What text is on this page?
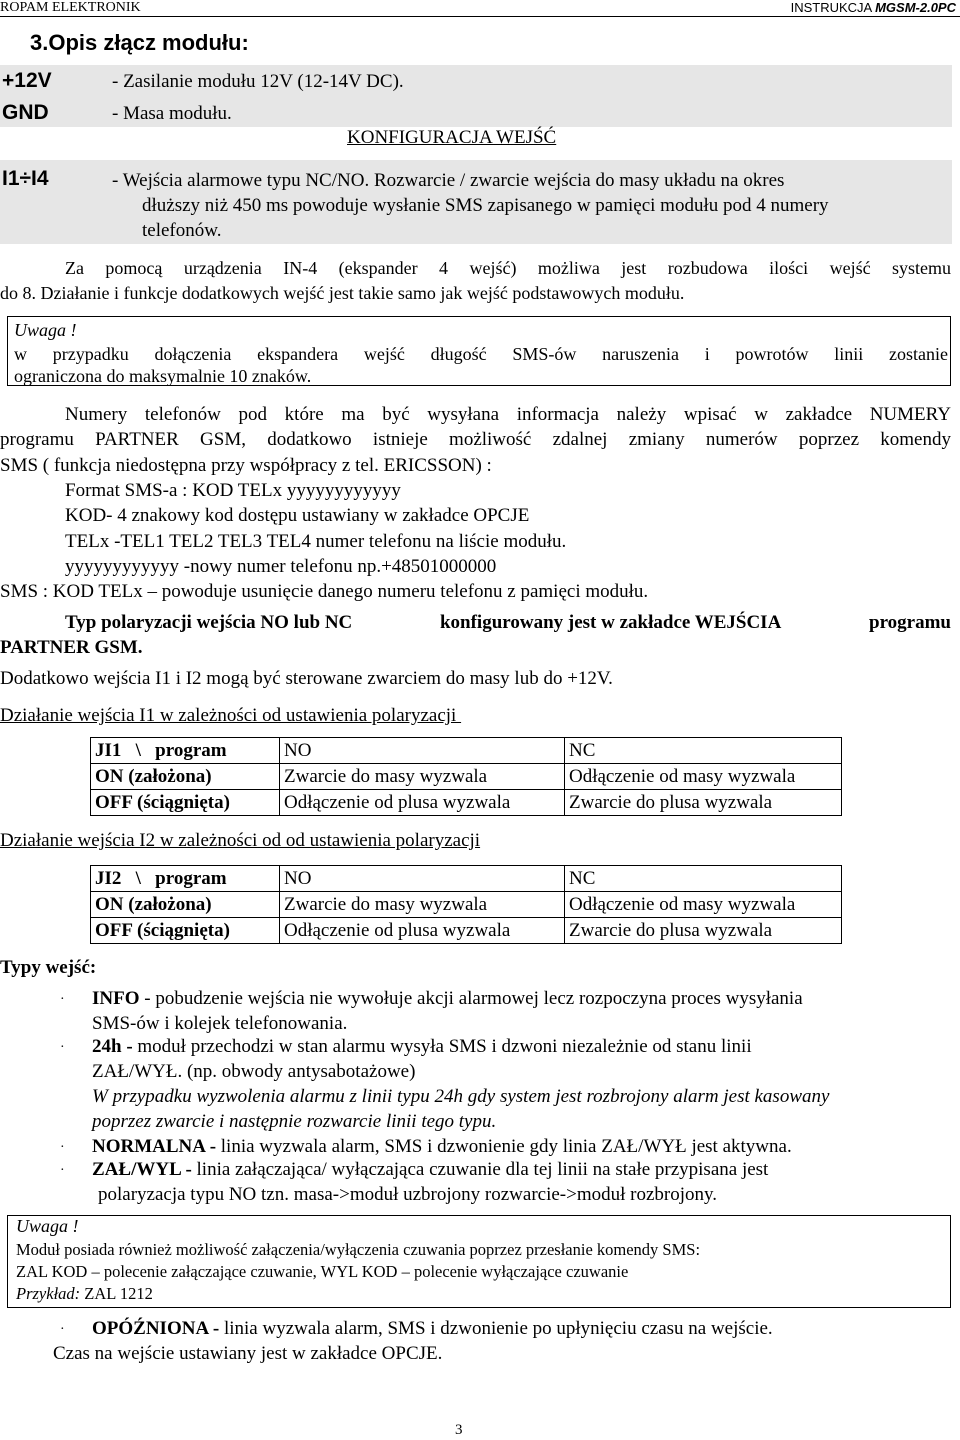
ROPAM ELEKTRONIK	INSTRUKCJA MGSM-2.0PC
3.Opis złącz modułu:
+12V	- Zasilanie modułu 12V (12-14V DC).
GND	- Masa modułu.
KONFIGURACJA WEJŚĆ
I1÷I4	- Wejścia alarmowe typu NC/NO. Rozwarcie / zwarcie wejścia do masy układu na okres
dłuższy niż 450 ms powoduje wysłanie SMS zapisanego w pamięci modułu pod 4 numery
telefonów.
Za pomocą urządzenia IN-4 (ekspander 4 wejść) możliwa jest rozbudowa ilości wejść systemu
do 8. Działanie i funkcje dodatkowych wejść jest takie samo jak wejść podstawowych modułu.
Uwaga !
w przypadku dołączenia ekspandera wejść długość SMS-ów naruszenia i powrotów linii zostanie
ograniczona do maksymalnie 10 znaków.
Numery telefonów pod które ma być wysyłana informacja należy wpisać w zakładce NUMERY
programu PARTNER GSM, dodatkowo istnieje możliwość zdalnej zmiany numerów poprzez komendy
SMS ( funkcja niedostępna przy współpracy z tel. ERICSSON) :
Format SMS-a : KOD TELx yyyyyyyyyyyy
KOD- 4 znakowy kod dostępu ustawiany w zakładce OPCJE
TELx -TEL1 TEL2 TEL3 TEL4 numer telefonu na liście modułu.
yyyyyyyyyyyy -nowy numer telefonu np.+48501000000
SMS : KOD TELx – powoduje usunięcie danego numeru telefonu z pamięci modułu.
Typ polaryzacji wejścia NO lub NC	konfigurowany jest w zakładce WEJŚCIA	programu
PARTNER GSM.
Dodatkowo wejścia I1 i I2 mogą być sterowane zwarciem do masy lub do +12V.
Działanie wejścia I1 w zależności od ustawienia polaryzacji
JI1   \   program	NO	NC
ON (założona)	Zwarcie do masy wyzwala	Odłączenie od masy wyzwala
OFF (ściągnięta)	Odłączenie od plusa wyzwala	Zwarcie do plusa wyzwala
Działanie wejścia I2 w zależności od od ustawienia polaryzacji
JI2   \   program	NO	NC
ON (założona)	Zwarcie do masy wyzwala	Odłączenie od masy wyzwala
OFF (ściągnięta)	Odłączenie od plusa wyzwala	Zwarcie do plusa wyzwala
Typy wejść:
· INFO - pobudzenie wejścia nie wywołuje akcji alarmowej lecz rozpoczyna proces wysyłania
SMS-ów i kolejek telefonowania.
· 24h - moduł przechodzi w stan alarmu wysyła SMS i dzwoni niezależnie od stanu linii
ZAŁ/WYŁ. (np. obwody antysabotażowe)
W przypadku wyzwolenia alarmu z linii typu 24h gdy system jest rozbrojony alarm jest kasowany
poprzez zwarcie i następnie rozwarcie linii tego typu.
· NORMALNA - linia wyzwala alarm, SMS i dzwonienie gdy linia ZAŁ/WYŁ jest aktywna.
· ZAŁ/WYL - linia załączająca/ wyłączająca czuwanie dla tej linii na stałe przypisana jest
polaryzacja typu NO tzn. masa->moduł uzbrojony rozwarcie->moduł rozbrojony.
Uwaga !
Moduł posiada również możliwość załączenia/wyłączenia czuwania poprzez przesłanie komendy SMS:
ZAL KOD – polecenie załączające czuwanie, WYL KOD – polecenie wyłączające czuwanie
Przykład: ZAL 1212
· OPÓŹNIONA - linia wyzwala alarm, SMS i dzwonienie po upłynięciu czasu na wejście.
Czas na wejście ustawiany jest w zakładce OPCJE.
3
